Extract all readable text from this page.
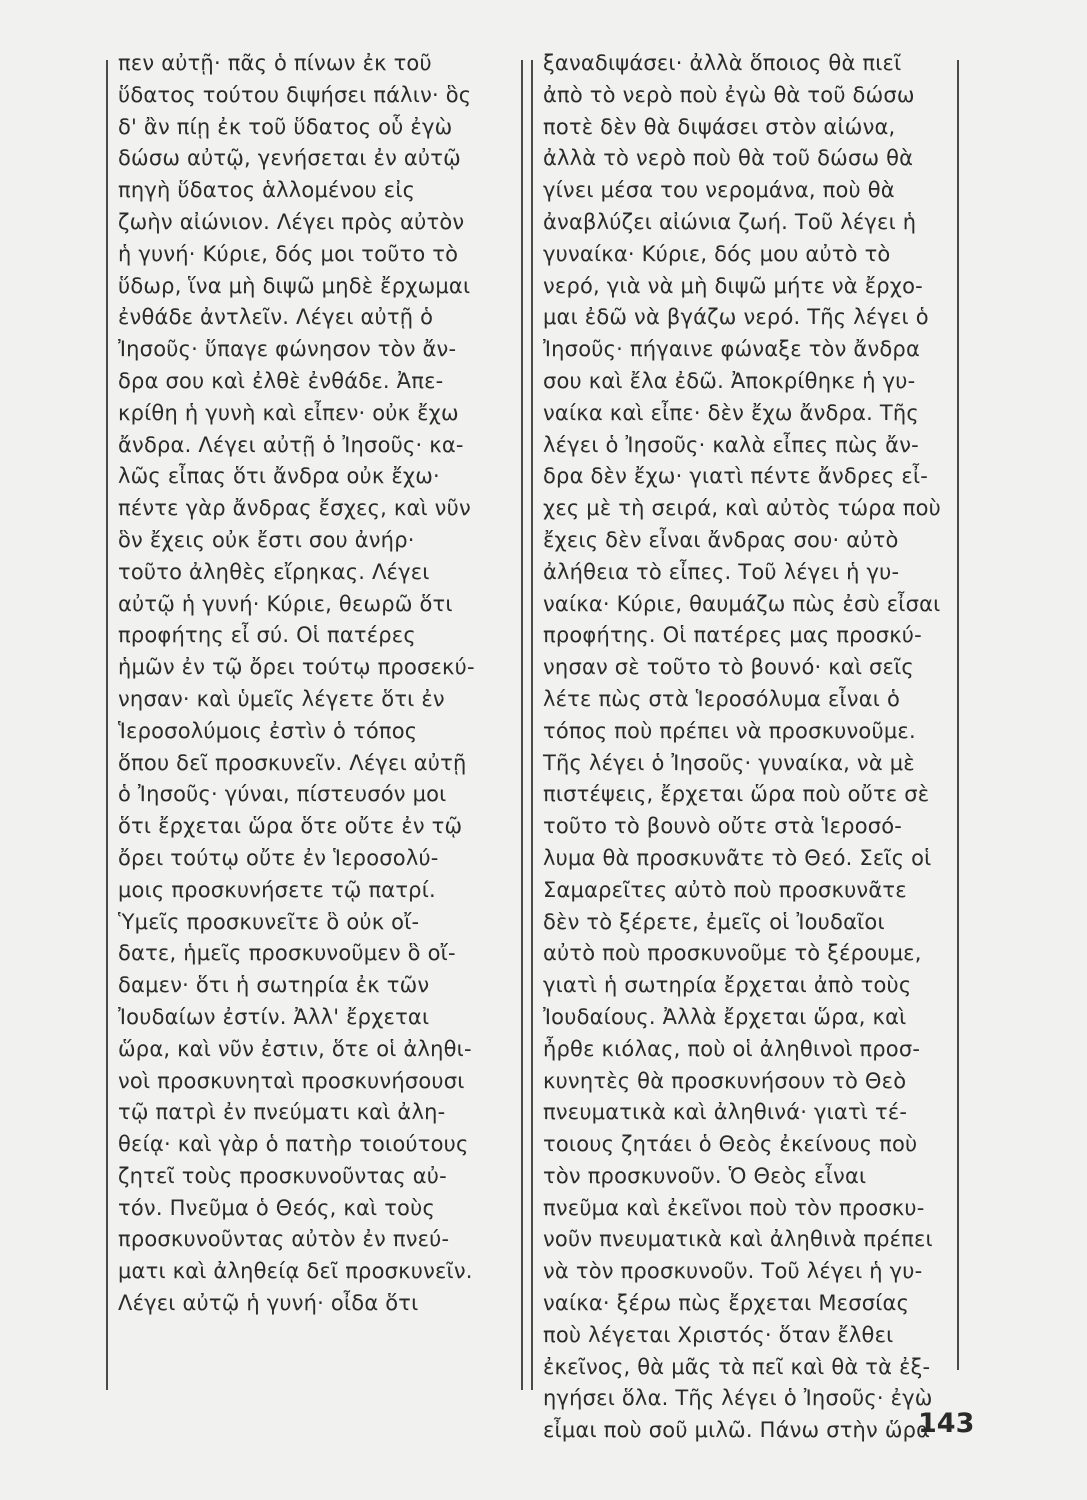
πεν αὐτῇ· πᾶς ὁ πίνων ἐκ τοῦ
ὕδατος τούτου διψήσει πάλιν· ὃς
δ' ἂν πίῃ ἐκ τοῦ ὕδατος οὗ ἐγὼ
δώσω αὐτῷ, γενήσεται ἐν αὐτῷ
πηγὴ ὕδατος ἁλλομένου εἰς
ζωὴν αἰώνιον. Λέγει πρὸς αὐτὸν
ἡ γυνή· Κύριε, δός μοι τοῦτο τὸ
ὕδωρ, ἵνα μὴ διψῶ μηδὲ ἔρχωμαι
ἐνθάδε ἀντλεῖν. Λέγει αὐτῇ ὁ
Ἰησοῦς· ὕπαγε φώνησον τὸν ἄν-
δρα σου καὶ ἐλθὲ ἐνθάδε. Ἀπε-
κρίθη ἡ γυνὴ καὶ εἶπεν· οὐκ ἔχω
ἄνδρα. Λέγει αὐτῇ ὁ Ἰησοῦς· κα-
λῶς εἶπας ὅτι ἄνδρα οὐκ ἔχω·
πέντε γὰρ ἄνδρας ἔσχες, καὶ νῦν
ὃν ἔχεις οὐκ ἔστι σου ἀνήρ·
τοῦτο ἀληθὲς εἴρηκας. Λέγει
αὐτῷ ἡ γυνή· Κύριε, θεωρῶ ὅτι
προφήτης εἶ σύ. Οἱ πατέρες
ἡμῶν ἐν τῷ ὄρει τούτῳ προσεκύ-
νησαν· καὶ ὑμεῖς λέγετε ὅτι ἐν
Ἱεροσολύμοις ἐστὶν ὁ τόπος
ὅπου δεῖ προσκυνεῖν. Λέγει αὐτῇ
ὁ Ἰησοῦς· γύναι, πίστευσόν μοι
ὅτι ἔρχεται ὥρα ὅτε οὔτε ἐν τῷ
ὄρει τούτῳ οὔτε ἐν Ἱεροσολύ-
μοις προσκυνήσετε τῷ πατρί.
Ὑμεῖς προσκυνεῖτε ὃ οὐκ οἴ-
δατε, ἡμεῖς προσκυνοῦμεν ὃ οἴ-
δαμεν· ὅτι ἡ σωτηρία ἐκ τῶν
Ἰουδαίων ἐστίν. Ἀλλ' ἔρχεται
ὥρα, καὶ νῦν ἐστιν, ὅτε οἱ ἀληθι-
νοὶ προσκυνηταὶ προσκυνήσουσι
τῷ πατρὶ ἐν πνεύματι καὶ ἀλη-
θείᾳ· καὶ γὰρ ὁ πατὴρ τοιούτους
ζητεῖ τοὺς προσκυνοῦντας αὐ-
τόν. Πνεῦμα ὁ Θεός, καὶ τοὺς
προσκυνοῦντας αὐτὸν ἐν πνεύ-
ματι καὶ ἀληθείᾳ δεῖ προσκυνεῖν.
Λέγει αὐτῷ ἡ γυνή· οἶδα ὅτι
ξαναδιψάσει· ἀλλὰ ὅποιος θὰ πιεῖ
ἀπὸ τὸ νερὸ ποὺ ἐγὼ θὰ τοῦ δώσω
ποτὲ δὲν θὰ διψάσει στὸν αἰώνα,
ἀλλὰ τὸ νερὸ ποὺ θὰ τοῦ δώσω θὰ
γίνει μέσα του νερομάνα, ποὺ θὰ
ἀναβλύζει αἰώνια ζωή. Τοῦ λέγει ἡ
γυναίκα· Κύριε, δός μου αὐτὸ τὸ
νερό, γιὰ νὰ μὴ διψῶ μήτε νὰ ἔρχο-
μαι ἐδῶ νὰ βγάζω νερό. Τῆς λέγει ὁ
Ἰησοῦς· πήγαινε φώναξε τὸν ἄνδρα
σου καὶ ἔλα ἐδῶ. Ἀποκρίθηκε ἡ γυ-
ναίκα καὶ εἶπε· δὲν ἔχω ἄνδρα. Τῆς
λέγει ὁ Ἰησοῦς· καλὰ εἶπες πὼς ἄν-
δρα δὲν ἔχω· γιατὶ πέντε ἄνδρες εἶ-
χες μὲ τὴ σειρά, καὶ αὐτὸς τώρα ποὺ
ἔχεις δὲν εἶναι ἄνδρας σου· αὐτὸ
ἀλήθεια τὸ εἶπες. Τοῦ λέγει ἡ γυ-
ναίκα· Κύριε, θαυμάζω πὼς ἐσὺ εἶσαι
προφήτης. Οἱ πατέρες μας προσκύ-
νησαν σὲ τοῦτο τὸ βουνό· καὶ σεῖς
λέτε πὼς στὰ Ἱεροσόλυμα εἶναι ὁ
τόπος ποὺ πρέπει νὰ προσκυνοῦμε.
Τῆς λέγει ὁ Ἰησοῦς· γυναίκα, νὰ μὲ
πιστέψεις, ἔρχεται ὥρα ποὺ οὔτε σὲ
τοῦτο τὸ βουνὸ οὔτε στὰ Ἱεροσό-
λυμα θὰ προσκυνᾶτε τὸ Θεό. Σεῖς οἱ
Σαμαρεῖτες αὐτὸ ποὺ προσκυνᾶτε
δὲν τὸ ξέρετε, ἐμεῖς οἱ Ἰουδαῖοι
αὐτὸ ποὺ προσκυνοῦμε τὸ ξέρουμε,
γιατὶ ἡ σωτηρία ἔρχεται ἀπὸ τοὺς
Ἰουδαίους. Ἀλλὰ ἔρχεται ὥρα, καὶ
ἦρθε κιόλας, ποὺ οἱ ἀληθινοὶ προσ-
κυνητὲς θὰ προσκυνήσουν τὸ Θεὸ
πνευματικὰ καὶ ἀληθινά· γιατὶ τέ-
τοιους ζητάει ὁ Θεὸς ἐκείνους ποὺ
τὸν προσκυνοῦν. Ὁ Θεὸς εἶναι
πνεῦμα καὶ ἐκεῖνοι ποὺ τὸν προσκυ-
νοῦν πνευματικὰ καὶ ἀληθινὰ πρέπει
νὰ τὸν προσκυνοῦν. Τοῦ λέγει ἡ γυ-
ναίκα· ξέρω πὼς ἔρχεται Μεσσίας
ποὺ λέγεται Χριστός· ὅταν ἔλθει
ἐκεῖνος, θὰ μᾶς τὰ πεῖ καὶ θὰ τὰ ἐξ-
ηγήσει ὅλα. Τῆς λέγει ὁ Ἰησοῦς· ἐγὼ
εἶμαι ποὺ σοῦ μιλῶ. Πάνω στὴν ὥρα
143
